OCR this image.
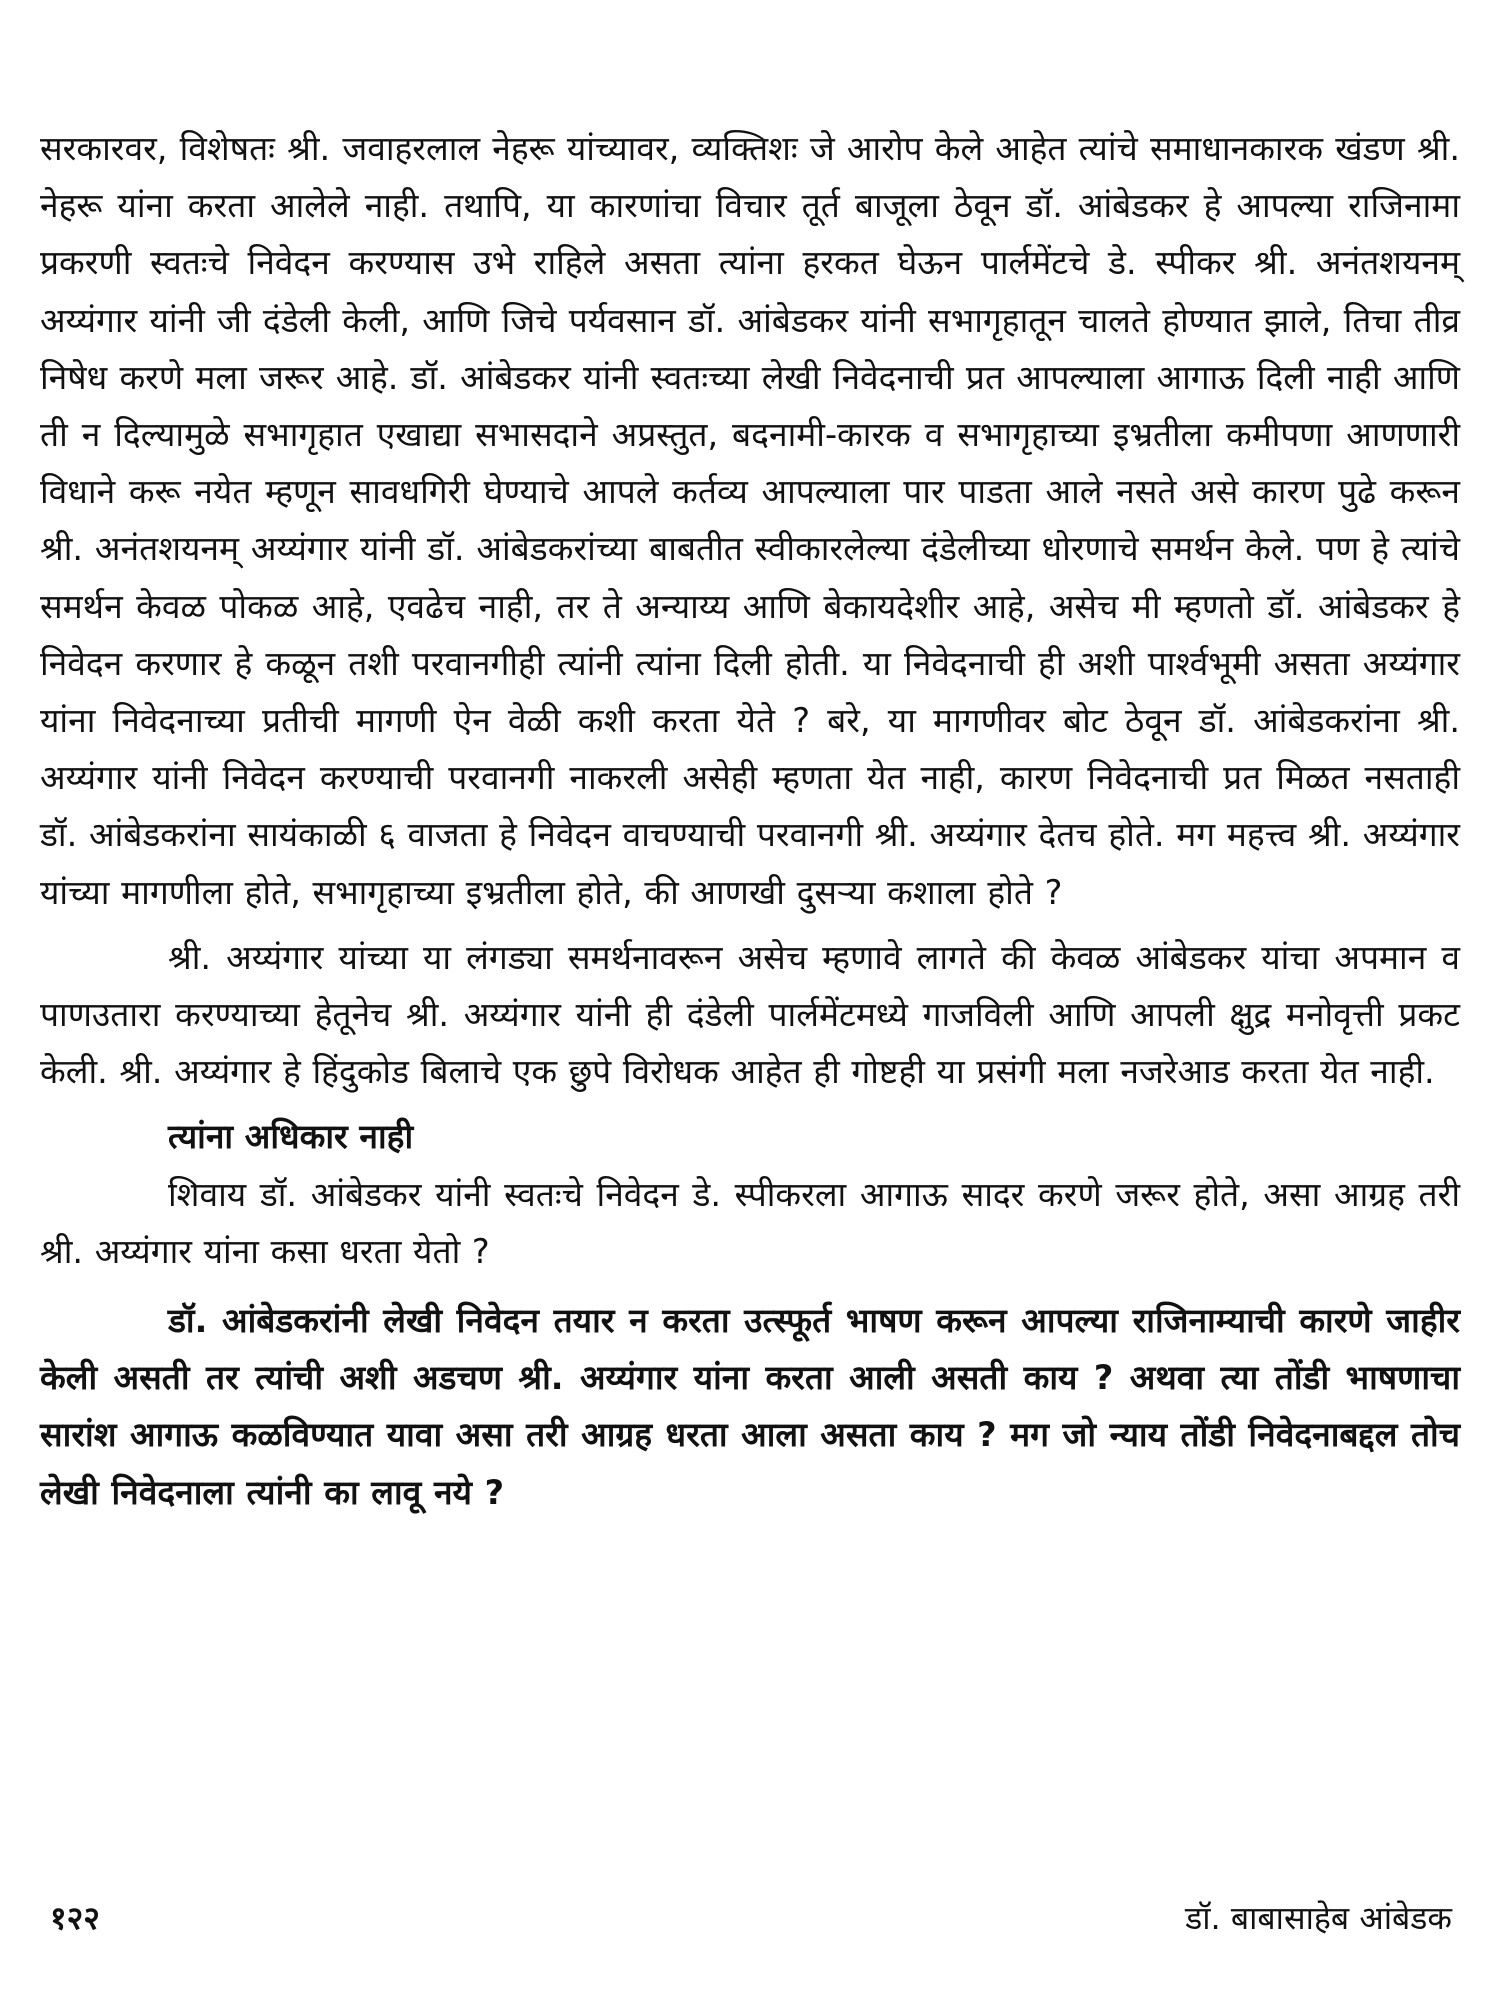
सरकारवर, विशेषतः श्री. जवाहरलाल नेहरू यांच्यावर, व्यक्तिशः जे आरोप केले आहेत त्यांचे समाधानकारक खंडण श्री. नेहरू यांना करता आलेले नाही. तथापि, या कारणांचा विचार तूर्त बाजूला ठेवून डॉ. आंबेडकर हे आपल्या राजिनामा प्रकरणी स्वतःचे निवेदन करण्यास उभे राहिले असता त्यांना हरकत घेऊन पार्लमेंटचे डे. स्पीकर श्री. अनंतशयनम् अय्यंगार यांनी जी दंडेली केली, आणि जिचे पर्यवसान डॉ. आंबेडकर यांनी सभागृहातून चालते होण्यात झाले, तिचा तीव्र निषेध करणे मला जरूर आहे. डॉ. आंबेडकर यांनी स्वतःच्या लेखी निवेदनाची प्रत आपल्याला आगाऊ दिली नाही आणि ती न दिल्यामुळे सभागृहात एखाद्या सभासदाने अप्रस्तुत, बदनामी-कारक व सभागृहाच्या इभ्रतीला कमीपणा आणणारी विधाने करू नयेत म्हणून सावधगिरी घेण्याचे आपले कर्तव्य आपल्याला पार पाडता आले नसते असे कारण पुढे करून श्री. अनंतशयनम् अय्यंगार यांनी डॉ. आंबेडकरांच्या बाबतीत स्वीकारलेल्या दंडेलीच्या धोरणाचे समर्थन केले. पण हे त्यांचे समर्थन केवळ पोकळ आहे, एवढेच नाही, तर ते अन्याय्य आणि बेकायदेशीर आहे, असेच मी म्हणतो डॉ. आंबेडकर हे निवेदन करणार हे कळून तशी परवानगीही त्यांनी त्यांना दिली होती. या निवेदनाची ही अशी पार्श्वभूमी असता अय्यंगार यांना निवेदनाच्या प्रतीची मागणी ऐन वेळी कशी करता येते ? बरे, या मागणीवर बोट ठेवून डॉ. आंबेडकरांना श्री. अय्यंगार यांनी निवेदन करण्याची परवानगी नाकरली असेही म्हणता येत नाही, कारण निवेदनाची प्रत मिळत नसताही डॉ. आंबेडकरांना सायंकाळी ६ वाजता हे निवेदन वाचण्याची परवानगी श्री. अय्यंगार देतच होते. मग महत्त्व श्री. अय्यंगार यांच्या मागणीला होते, सभागृहाच्या इभ्रतीला होते, की आणखी दुसऱ्या कशाला होते ?

श्री. अय्यंगार यांच्या या लंगड्या समर्थनावरून असेच म्हणावे लागते की केवळ आंबेडकर यांचा अपमान व पाणउतारा करण्याच्या हेतूनेच श्री. अय्यंगार यांनी ही दंडेली पार्लमेंटमध्ये गाजविली आणि आपली क्षुद्र मनोवृत्ती प्रकट केली. श्री. अय्यंगार हे हिंदुकोड बिलाचे एक छुपे विरोधक आहेत ही गोष्टही या प्रसंगी मला नजरेआड करता येत नाही.

त्यांना अधिकार नाही

शिवाय डॉ. आंबेडकर यांनी स्वतःचे निवेदन डे. स्पीकरला आगाऊ सादर करणे जरूर होते, असा आग्रह तरी श्री. अय्यंगार यांना कसा धरता येतो ?

डॉ. आंबेडकरांनी लेखी निवेदन तयार न करता उत्स्फूर्त भाषण करून आपल्या राजिनाम्याची कारणे जाहीर केली असती तर त्यांची अशी अडचण श्री. अय्यंगार यांना करता आली असती काय ? अथवा त्या तोंडी भाषणाचा सारांश आगाऊ कळविण्यात यावा असा तरी आग्रह धरता आला असता काय ? मग जो न्याय तोंडी निवेदनाबद्दल तोच लेखी निवेदनाला त्यांनी का लावू नये ?

१२२	डॉ. बाबासाहेब आंबेडक
